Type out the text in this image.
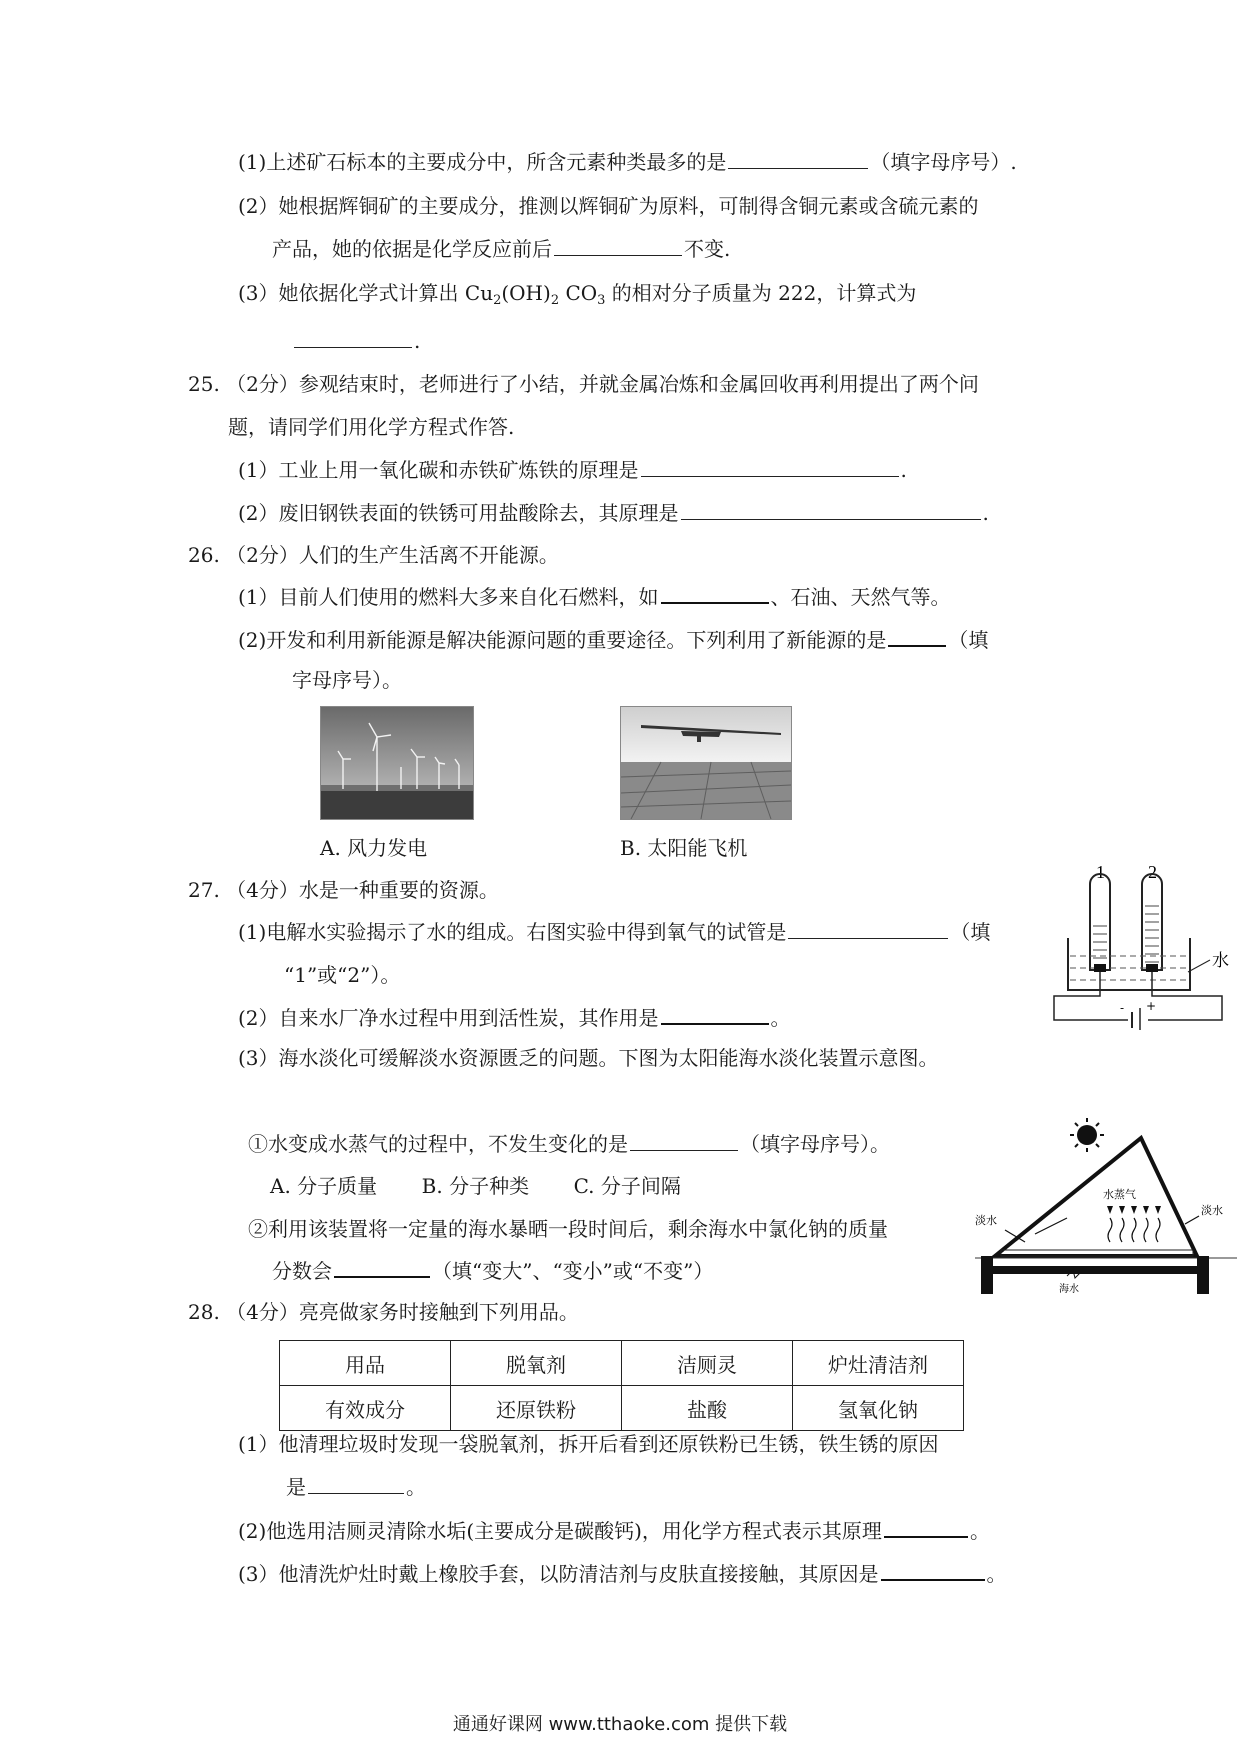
(1)上述矿石标本的主要成分中，所含元素种类最多的是	（填字母序号）.
(2）她根据辉铜矿的主要成分，推测以辉铜矿为原料，可制得含铜元素或含硫元素的
产品，她的依据是化学反应前后	不变.
(3）她依据化学式计算出 $Cu_2(OH)_2$ $CO_3$ 的相对分子质量为 222，计算式为
.
25. （2分）参观结束时，老师进行了小结，并就金属冶炼和金属回收再利用提出了两个问
题，请同学们用化学方程式作答.
(1）工业上用一氧化碳和赤铁矿炼铁的原理是	.
(2）废旧钢铁表面的铁锈可用盐酸除去，其原理是	.
26. （2分）人们的生产生活离不开能源。
(1）目前人们使用的燃料大多来自化石燃料，如	、石油、天然气等。
(2)开发和利用新能源是解决能源问题的重要途径。下列利用了新能源的是	（填
字母序号）。
A. 风力发电	B. 太阳能飞机
27. （4分）水是一种重要的资源。
(1)电解水实验揭示了水的组成。右图实验中得到氧气的试管是	（填
“1”或“2”）。
(2）自来水厂净水过程中用到活性炭，其作用是	。
(3）海水淡化可缓解淡水资源匮乏的问题。下图为太阳能海水淡化装置示意图。
1 2
- +
水
①水变成水蒸气的过程中，不发生变化的是	（填字母序号）。
A. 分子质量       B. 分子种类       C. 分子间隔
②利用该装置将一定量的海水暴晒一段时间后，剩余海水中氯化钠的质量
分数会	（填“变大”、“变小”或“不变”）
水蒸气
淡水
淡水
海水
28. （4分）亮亮做家务时接触到下列用品。
用品	脱氧剂	洁厕灵	炉灶清洁剂
有效成分	还原铁粉	盐酸	氢氧化钠
(1）他清理垃圾时发现一袋脱氧剂，拆开后看到还原铁粉已生锈，铁生锈的原因
是	。
(2)他选用洁厕灵清除水垢(主要成分是碳酸钙)，用化学方程式表示其原理	。
(3）他清洗炉灶时戴上橡胶手套，以防清洁剂与皮肤直接接触，其原因是	。
通通好课网 www.tthaoke.com 提供下载
